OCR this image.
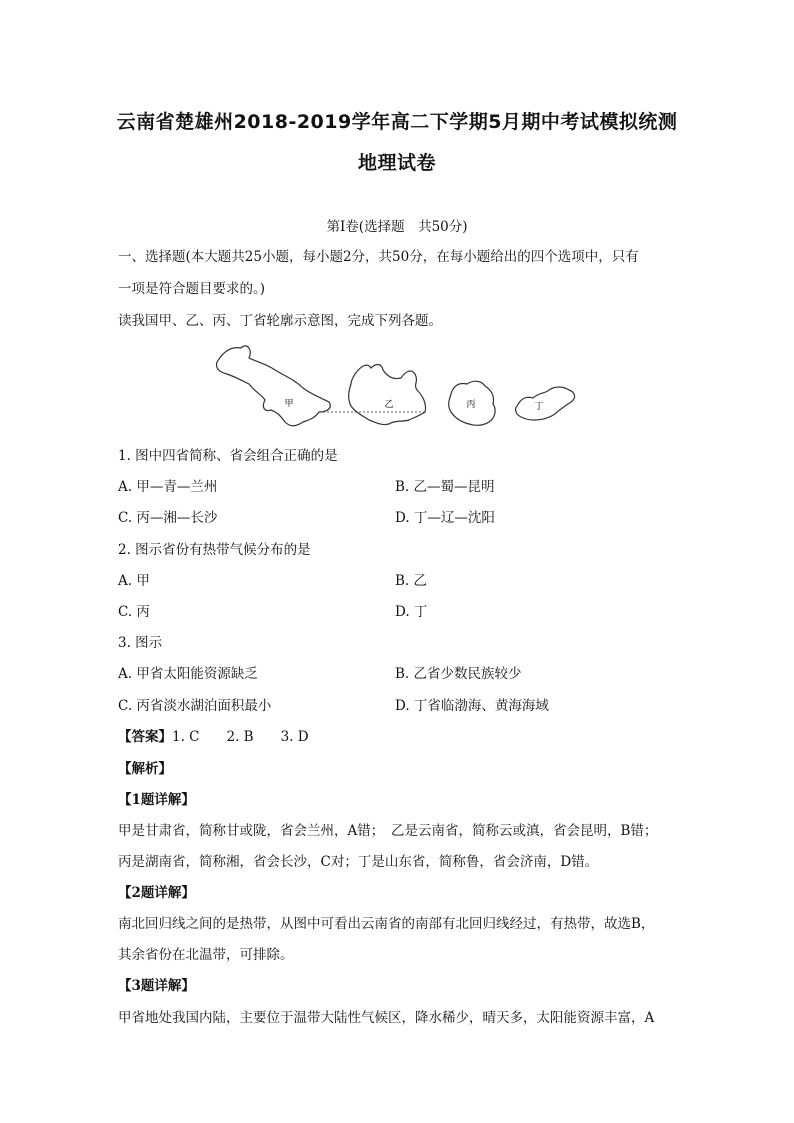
云南省楚雄州2018-2019学年高二下学期5月期中考试模拟统测
地理试卷
第Ⅰ卷(选择题　共50分)
一、选择题(本大题共25小题，每小题2分，共50分，在每小题给出的四个选项中，只有
一项是符合题目要求的。)
读我国甲、乙、丙、丁省轮廓示意图，完成下列各题。
甲	乙	丙	丁
1. 图中四省简称、省会组合正确的是
A. 甲—青—兰州	B. 乙—蜀—昆明
C. 丙—湘—长沙	D. 丁—辽—沈阳
2. 图示省份有热带气候分布的是
A. 甲	B. 乙
C. 丙	D. 丁
3. 图示
A. 甲省太阳能资源缺乏	B. 乙省少数民族较少
C. 丙省淡水湖泊面积最小	D. 丁省临渤海、黄海海域
【答案】1. C　　2. B　　3. D
【解析】
【1题详解】
甲是甘肃省，简称甘或陇，省会兰州，A错；　乙是云南省，简称云或滇，省会昆明，B错；
丙是湖南省，简称湘，省会长沙，C对；丁是山东省，简称鲁，省会济南，D错。
【2题详解】
南北回归线之间的是热带，从图中可看出云南省的南部有北回归线经过，有热带，故选B，
其余省份在北温带，可排除。
【3题详解】
甲省地处我国内陆，主要位于温带大陆性气候区，降水稀少，晴天多，太阳能资源丰富，A
